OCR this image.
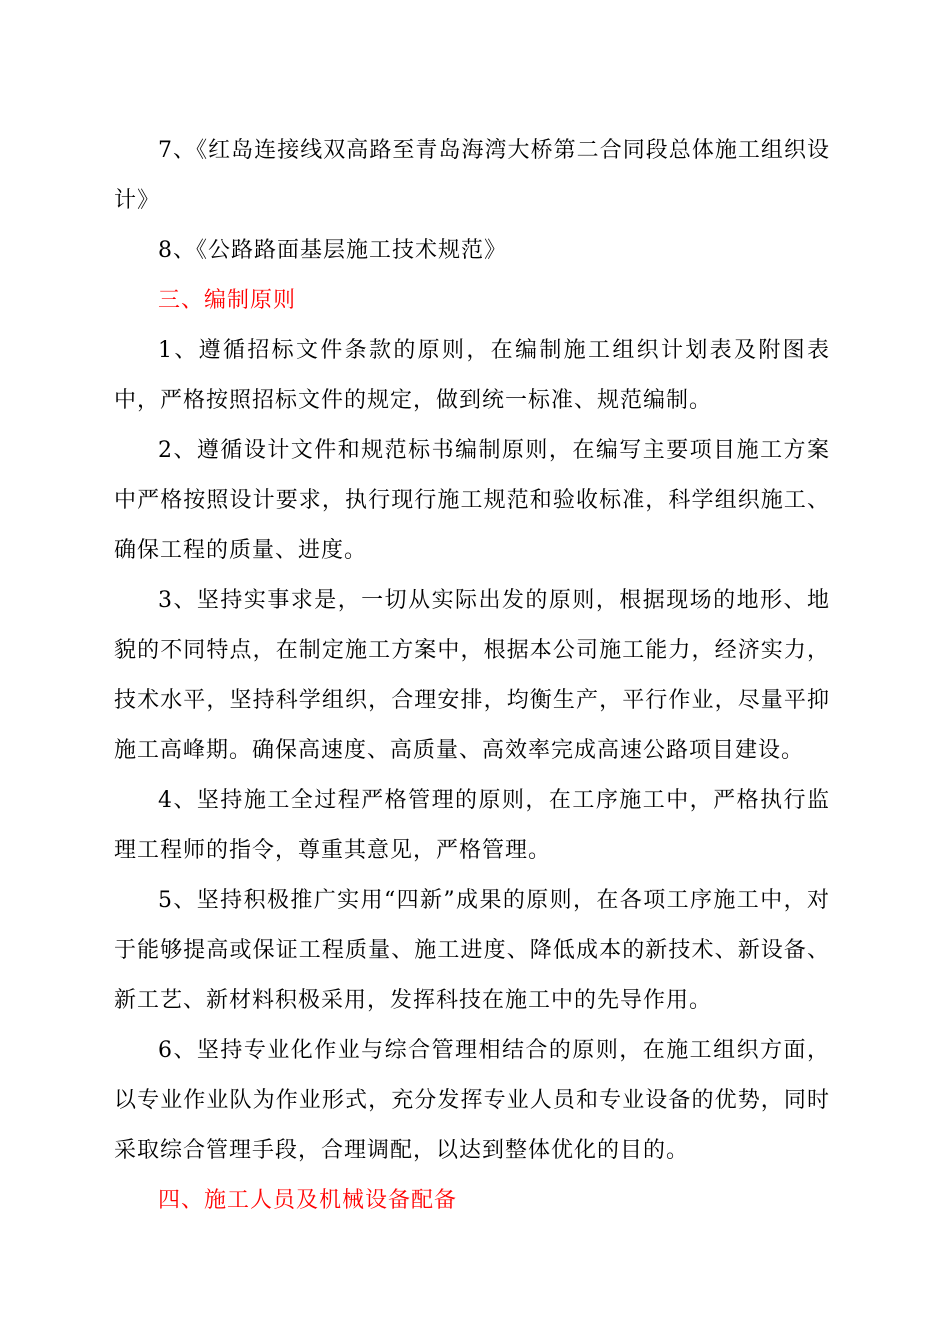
7、《红岛连接线双高路至青岛海湾大桥第二合同段总体施工组织设计》

8、《公路路面基层施工技术规范》

三、编制原则

1、遵循招标文件条款的原则，在编制施工组织计划表及附图表中，严格按照招标文件的规定，做到统一标准、规范编制。

2、遵循设计文件和规范标书编制原则，在编写主要项目施工方案中严格按照设计要求，执行现行施工规范和验收标准，科学组织施工、确保工程的质量、进度。

3、坚持实事求是，一切从实际出发的原则，根据现场的地形、地貌的不同特点，在制定施工方案中，根据本公司施工能力，经济实力，技术水平，坚持科学组织，合理安排，均衡生产，平行作业，尽量平抑施工高峰期。确保高速度、高质量、高效率完成高速公路项目建设。

4、坚持施工全过程严格管理的原则，在工序施工中，严格执行监理工程师的指令，尊重其意见，严格管理。

5、坚持积极推广实用“四新”成果的原则，在各项工序施工中，对于能够提高或保证工程质量、施工进度、降低成本的新技术、新设备、新工艺、新材料积极采用，发挥科技在施工中的先导作用。

6、坚持专业化作业与综合管理相结合的原则，在施工组织方面，以专业作业队为作业形式，充分发挥专业人员和专业设备的优势，同时采取综合管理手段，合理调配，以达到整体优化的目的。

四、施工人员及机械设备配备
